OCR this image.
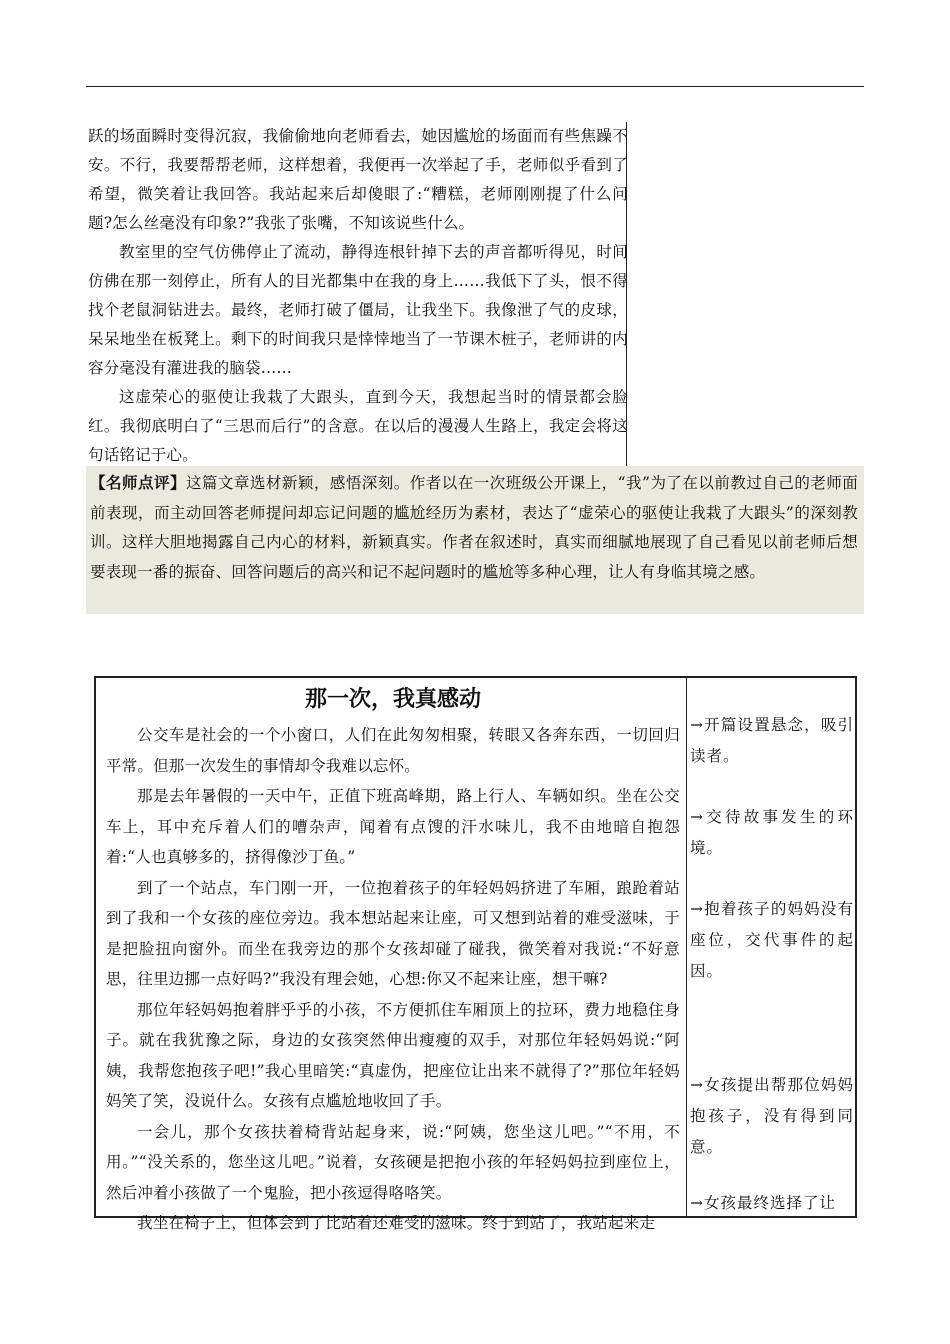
跃的场面瞬时变得沉寂，我偷偷地向老师看去，她因尴尬的场面而有些焦躁不安。不行，我要帮帮老师，这样想着，我便再一次举起了手，老师似乎看到了希望，微笑着让我回答。我站起来后却傻眼了:“糟糕，老师刚刚提了什么问题?怎么丝毫没有印象?”我张了张嘴，不知该说些什么。

教室里的空气仿佛停止了流动，静得连根针掉下去的声音都听得见，时间仿佛在那一刻停止，所有人的目光都集中在我的身上……我低下了头，恨不得找个老鼠洞钻进去。最终，老师打破了僵局，让我坐下。我像泄了气的皮球，呆呆地坐在板凳上。剩下的时间我只是悻悻地当了一节课木桩子，老师讲的内容分毫没有灌进我的脑袋……

这虚荣心的驱使让我栽了大跟头，直到今天，我想起当时的情景都会脸红。我彻底明白了“三思而后行”的含意。在以后的漫漫人生路上，我定会将这句话铭记于心。

【名师点评】这篇文章选材新颖，感悟深刻。作者以在一次班级公开课上，“我”为了在以前教过自己的老师面前表现，而主动回答老师提问却忘记问题的尴尬经历为素材，表达了“虚荣心的驱使让我栽了大跟头”的深刻教训。这样大胆地揭露自己内心的材料，新颖真实。作者在叙述时，真实而细腻地展现了自己看见以前老师后想要表现一番的振奋、回答问题后的高兴和记不起问题时的尴尬等多种心理，让人有身临其境之感。

那一次，我真感动

公交车是社会的一个小窗口，人们在此匆匆相聚，转眼又各奔东西，一切回归平常。但那一次发生的事情却令我难以忘怀。

那是去年暑假的一天中午，正值下班高峰期，路上行人、车辆如织。坐在公交车上，耳中充斥着人们的嘈杂声，闻着有点馊的汗水味儿，我不由地暗自抱怨着:“人也真够多的，挤得像沙丁鱼。”

到了一个站点，车门刚一开，一位抱着孩子的年轻妈妈挤进了车厢，踉跄着站到了我和一个女孩的座位旁边。我本想站起来让座，可又想到站着的难受滋味，于是把脸扭向窗外。而坐在我旁边的那个女孩却碰了碰我，微笑着对我说:“不好意思，往里边挪一点好吗?”我没有理会她，心想:你又不起来让座，想干嘛?

那位年轻妈妈抱着胖乎乎的小孩，不方便抓住车厢顶上的拉环，费力地稳住身子。就在我犹豫之际，身边的女孩突然伸出瘦瘦的双手，对那位年轻妈妈说:“阿姨，我帮您抱孩子吧!”我心里暗笑:“真虚伪，把座位让出来不就得了?”那位年轻妈妈笑了笑，没说什么。女孩有点尴尬地收回了手。

一会儿，那个女孩扶着椅背站起身来，说:“阿姨，您坐这儿吧。”“不用，不用。”“没关系的，您坐这儿吧。”说着，女孩硬是把抱小孩的年轻妈妈拉到座位上，然后冲着小孩做了一个鬼脸，把小孩逗得咯咯笑。

我坐在椅子上，但体会到了比站着还难受的滋味。终于到站了，我站起来走

→开篇设置悬念，吸引读者。

→交待故事发生的环境。

→抱着孩子的妈妈没有座位，交代事件的起因。

→女孩提出帮那位妈妈抱孩子，没有得到同意。

→女孩最终选择了让
